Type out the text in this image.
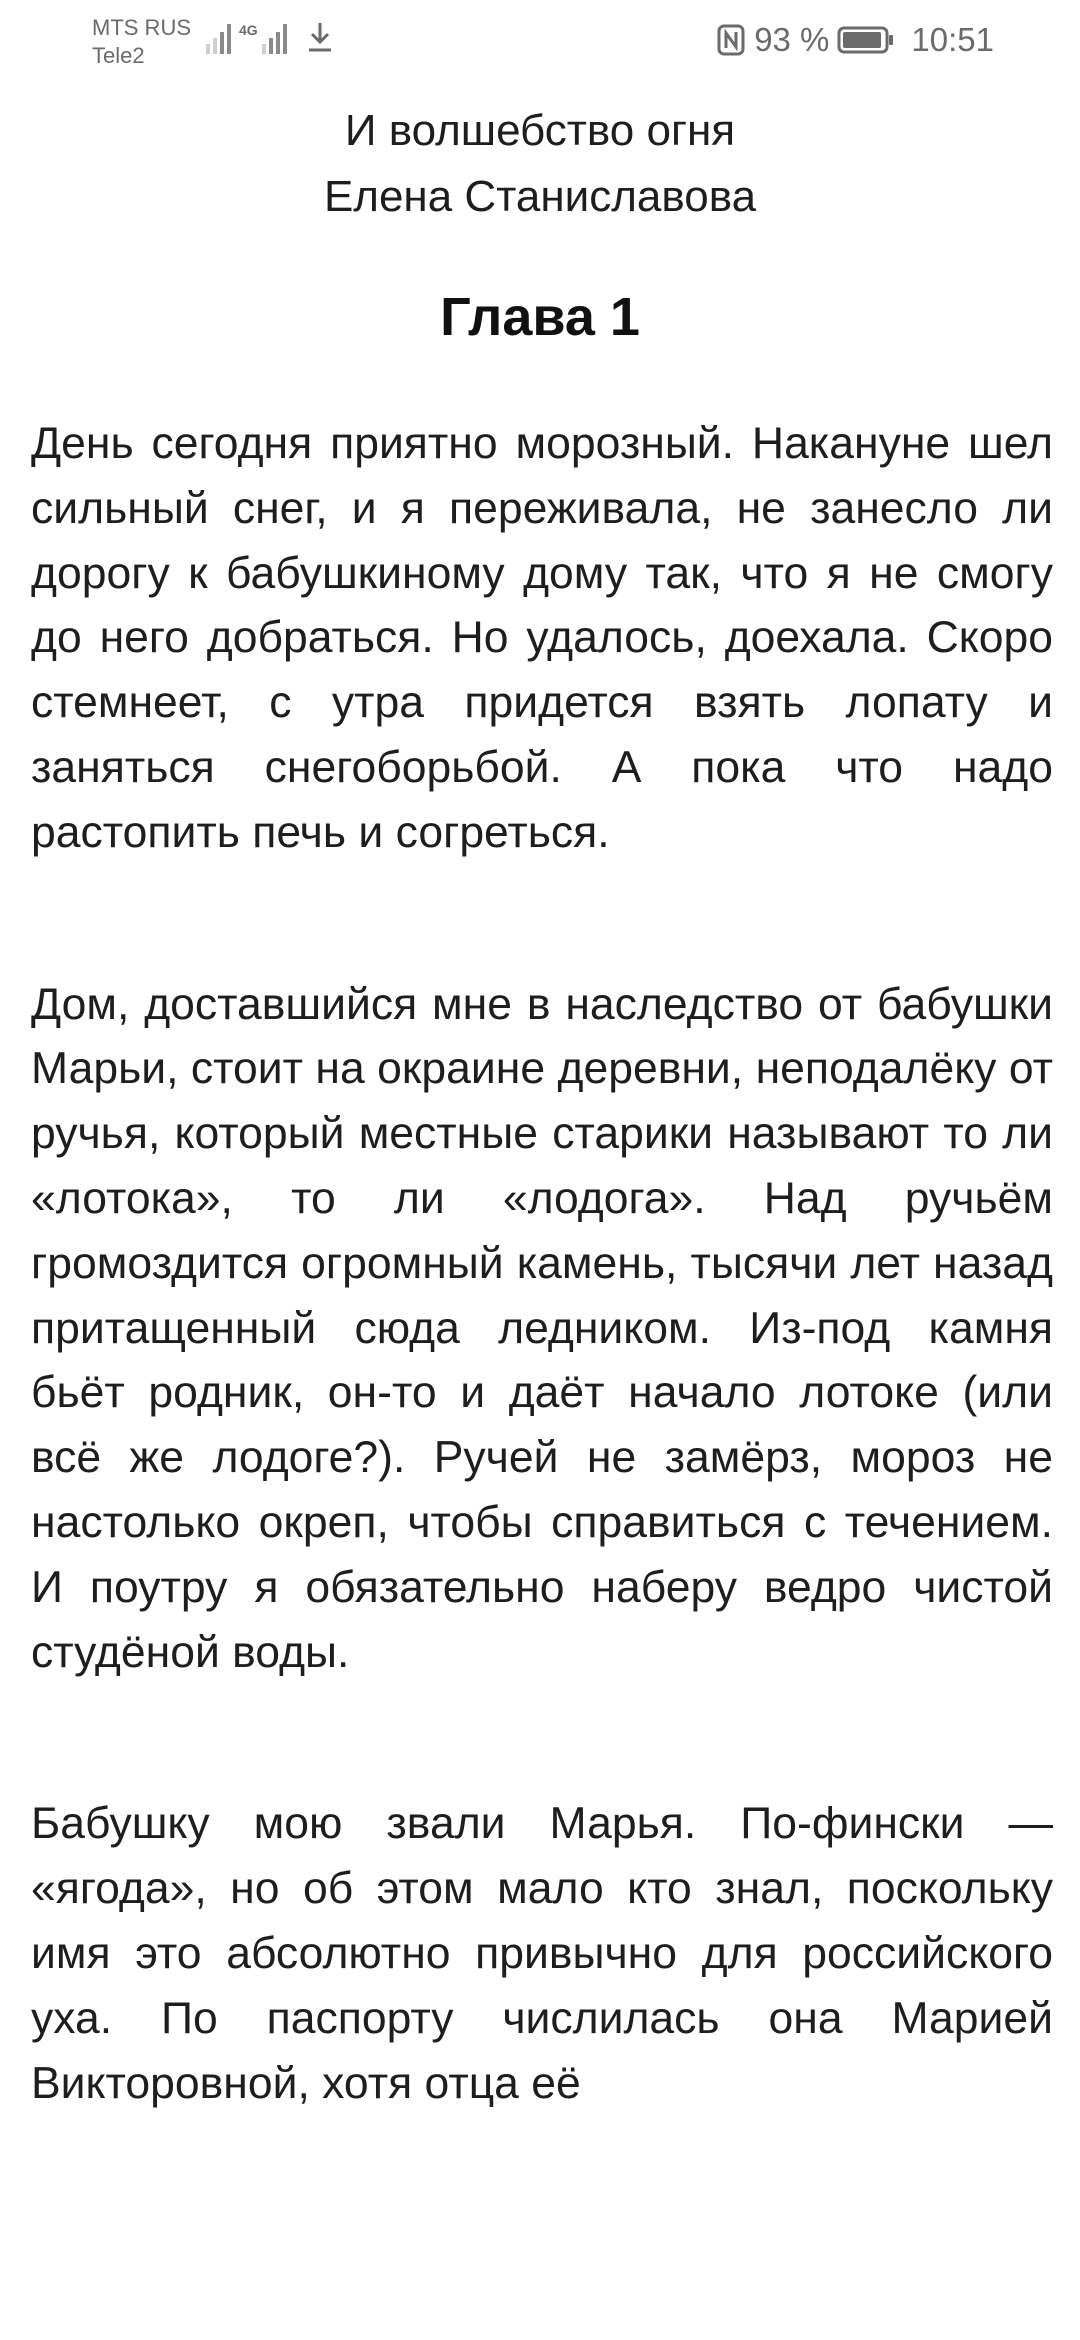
MTS RUS
Tele2
4G	93 % 10:51
И волшебство огня
Елена Станиславова
Глава 1

День сегодня приятно морозный. Накануне шел сильный снег, и я переживала, не занесло ли дорогу к бабушкиному дому так, что я не смогу до него добраться. Но удалось, доехала. Скоро стемнеет, с утра придется взять лопату и заняться снегоборьбой. А пока что надо растопить печь и согреться.

Дом, доставшийся мне в наследство от бабушки Марьи, стоит на окраине деревни, неподалёку от ручья, который местные старики называют то ли «лотока», то ли «лодога». Над ручьём громоздится огромный камень, тысячи лет назад притащенный сюда ледником. Из-под камня бьёт родник, он-то и даёт начало лотоке (или всё же лодоге?). Ручей не замёрз, мороз не настолько окреп, чтобы справиться с течением. И поутру я обязательно наберу ведро чистой студёной воды.

Бабушку мою звали Марья. По-фински — «ягода», но об этом мало кто знал, поскольку имя это абсолютно привычно для российского уха. По паспорту числилась она Марией Викторовной, хотя отца её
